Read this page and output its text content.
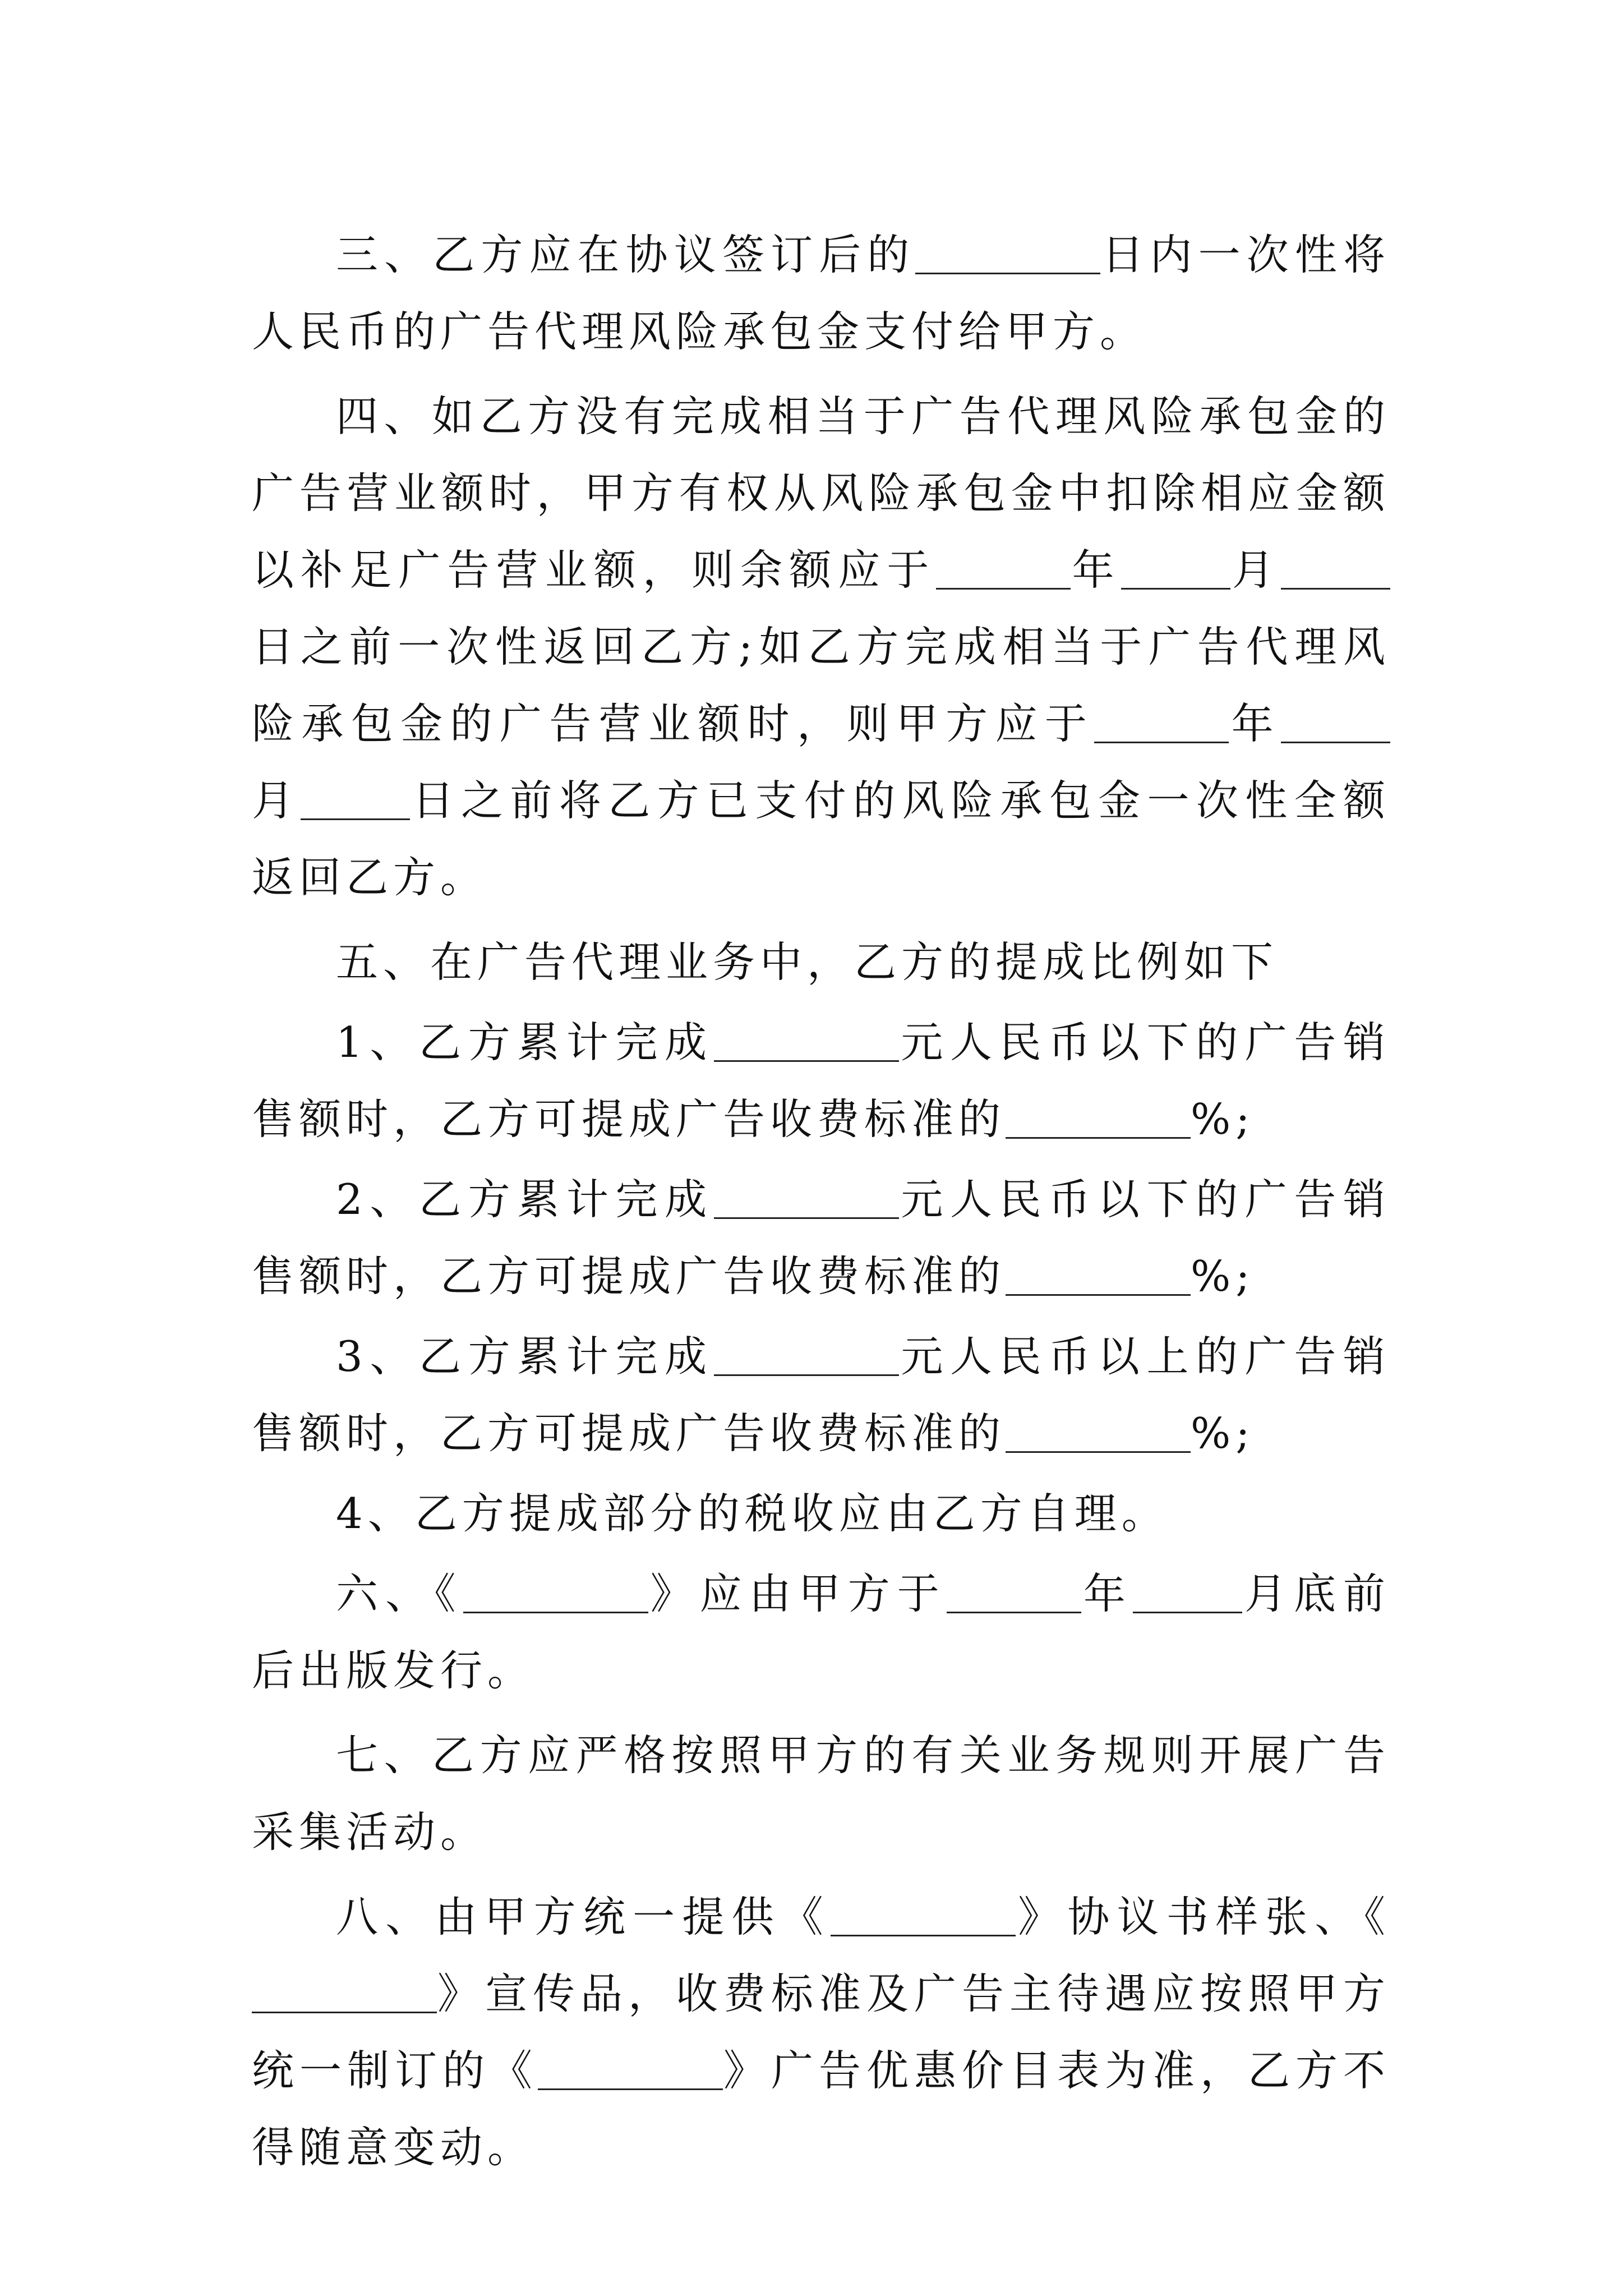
三、乙方应在协议签订后的	日内一次性将人民币的广告代理风险承包金支付给甲方。

四、如乙方没有完成相当于广告代理风险承包金的广告营业额时，甲方有权从风险承包金中扣除相应金额以补足广告营业额，则余额应于	年	月日之前一次性返回乙方;如乙方完成相当于广告代理风险承包金的广告营业额时，则甲方应于	年月	日之前将乙方已支付的风险承包金一次性全额返回乙方。

五、在广告代理业务中，乙方的提成比例如下

1、乙方累计完成	元人民币以下的广告销售额时，乙方可提成广告收费标准的	%;

2、乙方累计完成	元人民币以下的广告销售额时，乙方可提成广告收费标准的	%;

3、乙方累计完成	元人民币以上的广告销售额时，乙方可提成广告收费标准的	%;

4、乙方提成部分的税收应由乙方自理。

六、《	》应由甲方于	年	月底前后出版发行。

七、乙方应严格按照甲方的有关业务规则开展广告采集活动。

八、由甲方统一提供《	》协议书样张、《》宣传品，收费标准及广告主待遇应按照甲方统一制订的《	》广告优惠价目表为准，乙方不得随意变动。
